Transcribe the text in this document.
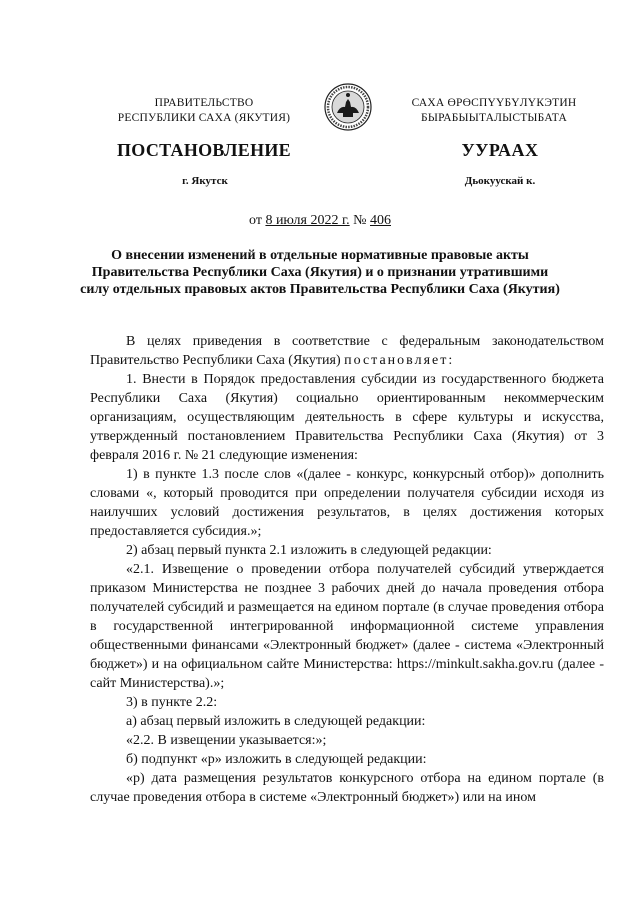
ПРАВИТЕЛЬСТВО
РЕСПУБЛИКИ САХА (ЯКУТИЯ)
САХА ӨРӨСПҮҮБҮЛҮКЭТИН
БЫРАБЫЫТАЛЫСТЫБАТА
ПОСТАНОВЛЕНИЕ	УУРААХ
г. Якутск	Дьокуускай к.
от 8 июля 2022 г. № 406
О внесении изменений в отдельные нормативные правовые акты Правительства Республики Саха (Якутия) и о признании утратившими силу отдельных правовых актов Правительства Республики Саха (Якутия)

В целях приведения в соответствие с федеральным законодательством Правительство Республики Саха (Якутия) постановляет:

1. Внести в Порядок предоставления субсидии из государственного бюджета Республики Саха (Якутия) социально ориентированным некоммерческим организациям, осуществляющим деятельность в сфере культуры и искусства, утвержденный постановлением Правительства Республики Саха (Якутия) от 3 февраля 2016 г. № 21 следующие изменения:

1) в пункте 1.3 после слов «(далее - конкурс, конкурсный отбор)» дополнить словами «, который проводится при определении получателя субсидии исходя из наилучших условий достижения результатов, в целях достижения которых предоставляется субсидия.»;

2) абзац первый пункта 2.1 изложить в следующей редакции:

«2.1. Извещение о проведении отбора получателей субсидий утверждается приказом Министерства не позднее 3 рабочих дней до начала проведения отбора получателей субсидий и размещается на едином портале (в случае проведения отбора в государственной интегрированной информационной системе управления общественными финансами «Электронный бюджет» (далее - система «Электронный бюджет») и на официальном сайте Министерства: https://minkult.sakha.gov.ru (далее - сайт Министерства).»;

3) в пункте 2.2:

а) абзац первый изложить в следующей редакции:

«2.2. В извещении указывается:»;

б) подпункт «р» изложить в следующей редакции:

«р) дата размещения результатов конкурсного отбора на едином портале (в случае проведения отбора в системе «Электронный бюджет») или на ином
